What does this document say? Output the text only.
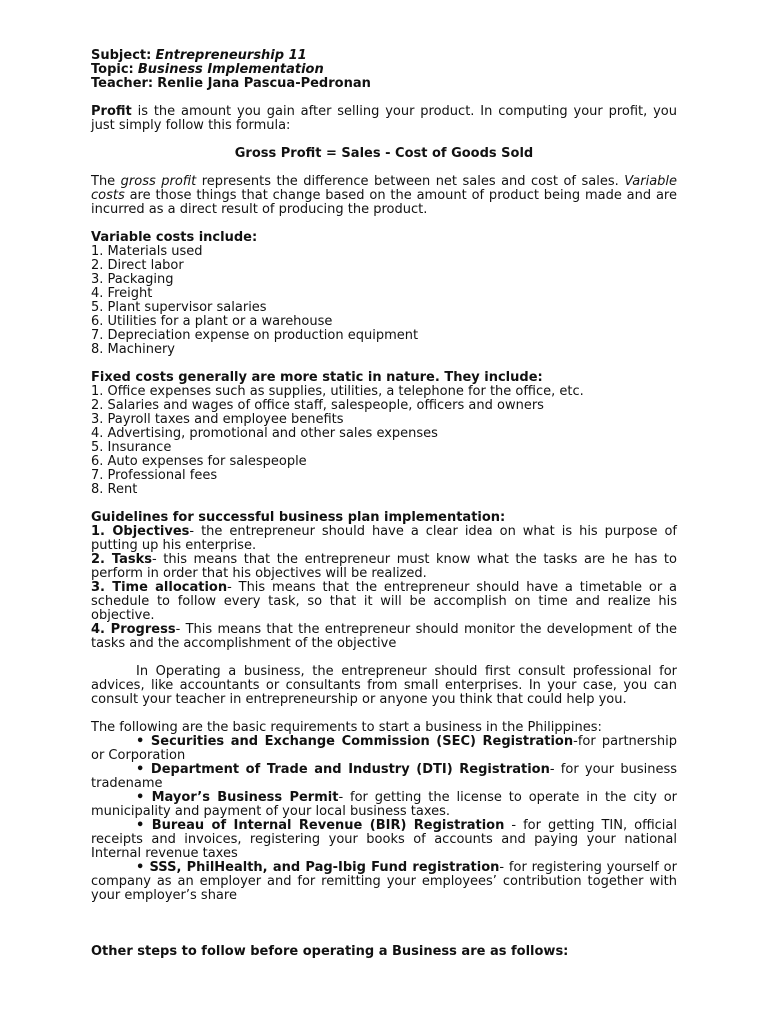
Subject: Entrepreneurship 11

Topic: Business Implementation

Teacher: Renlie Jana Pascua-Pedronan

Profit is the amount you gain after selling your product. In computing your profit, you just simply follow this formula:

Gross Profit = Sales - Cost of Goods Sold

The gross profit represents the difference between net sales and cost of sales. Variable costs are those things that change based on the amount of product being made and are incurred as a direct result of producing the product.

Variable costs include:

1. Materials used
2. Direct labor
3. Packaging
4. Freight
5. Plant supervisor salaries
6. Utilities for a plant or a warehouse
7. Depreciation expense on production equipment
8. Machinery

Fixed costs generally are more static in nature. They include:

1. Office expenses such as supplies, utilities, a telephone for the office, etc.
2. Salaries and wages of office staff, salespeople, officers and owners
3. Payroll taxes and employee benefits
4. Advertising, promotional and other sales expenses
5. Insurance
6. Auto expenses for salespeople
7. Professional fees
8. Rent

Guidelines for successful business plan implementation:

1. Objectives- the entrepreneur should have a clear idea on what is his purpose of putting up his enterprise.

2. Tasks- this means that the entrepreneur must know what the tasks are he has to perform in order that his objectives will be realized.

3. Time allocation- This means that the entrepreneur should have a timetable or a schedule to follow every task, so that it will be accomplish on time and realize his objective.

4. Progress- This means that the entrepreneur should monitor the development of the tasks and the accomplishment of the objective

In Operating a business, the entrepreneur should first consult professional for advices, like accountants or consultants from small enterprises. In your case, you can consult your teacher in entrepreneurship or anyone you think that could help you.

The following are the basic requirements to start a business in the Philippines:

• Securities and Exchange Commission (SEC) Registration-for partnership or Corporation

• Department of Trade and Industry (DTI) Registration- for your business tradename

• Mayor’s Business Permit- for getting the license to operate in the city or municipality and payment of your local business taxes.

• Bureau of Internal Revenue (BIR) Registration - for getting TIN, official receipts and invoices, registering your books of accounts and paying your national Internal revenue taxes

• SSS, PhilHealth, and Pag-Ibig Fund registration- for registering yourself or company as an employer and for remitting your employees’ contribution together with your employer’s share

Other steps to follow before operating a Business are as follows:
